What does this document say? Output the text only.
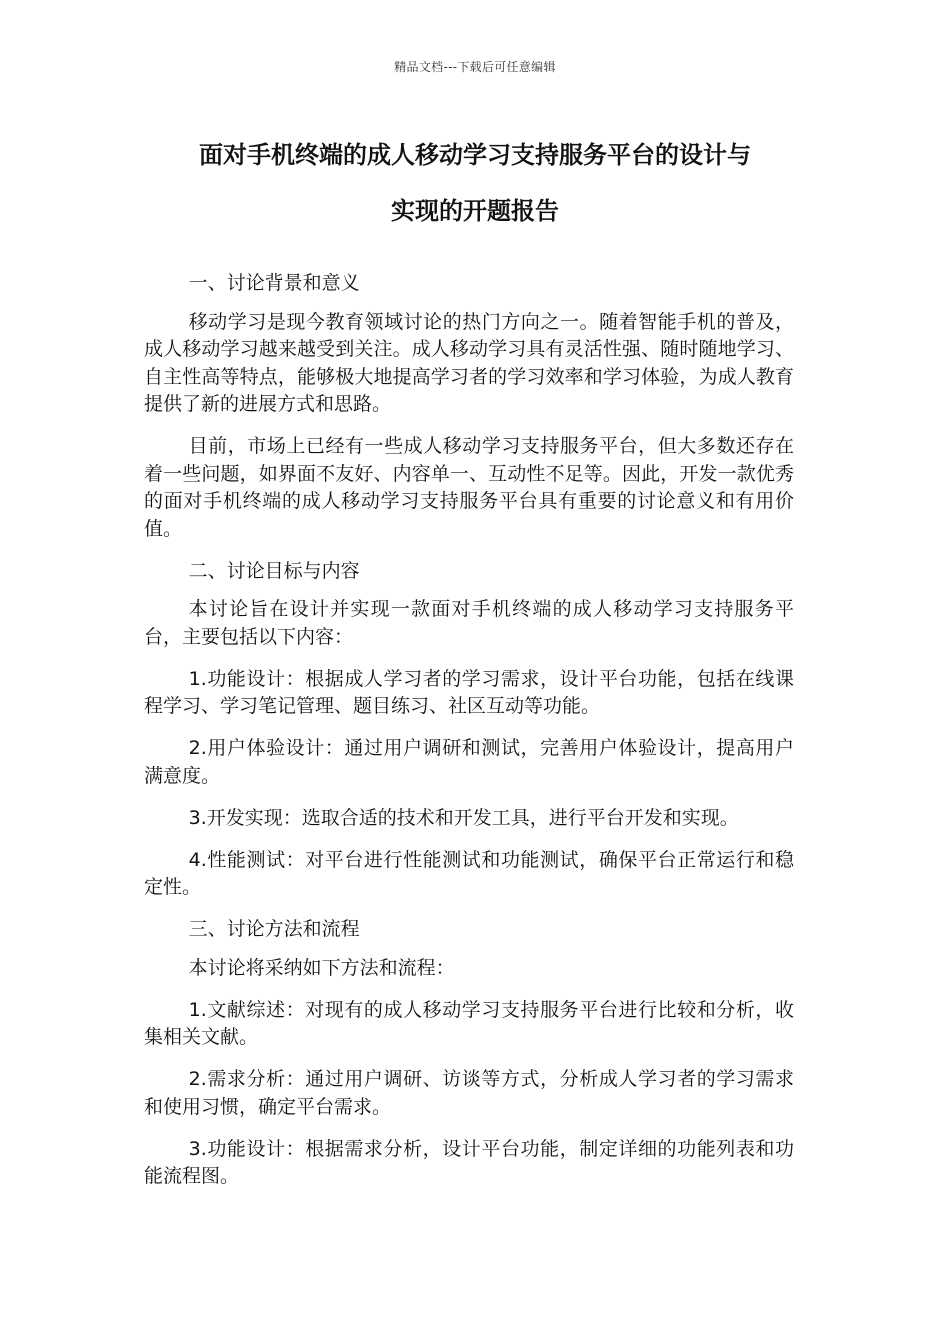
精品文档---下载后可任意编辑
面对手机终端的成人移动学习支持服务平台的设计与
实现的开题报告

一、讨论背景和意义

移动学习是现今教育领域讨论的热门方向之一。随着智能手机的普及，成人移动学习越来越受到关注。成人移动学习具有灵活性强、随时随地学习、自主性高等特点，能够极大地提高学习者的学习效率和学习体验，为成人教育提供了新的进展方式和思路。

目前，市场上已经有一些成人移动学习支持服务平台，但大多数还存在着一些问题，如界面不友好、内容单一、互动性不足等。因此，开发一款优秀的面对手机终端的成人移动学习支持服务平台具有重要的讨论意义和有用价值。

二、讨论目标与内容

本讨论旨在设计并实现一款面对手机终端的成人移动学习支持服务平台，主要包括以下内容：

1.功能设计：根据成人学习者的学习需求，设计平台功能，包括在线课程学习、学习笔记管理、题目练习、社区互动等功能。

2.用户体验设计：通过用户调研和测试，完善用户体验设计，提高用户满意度。

3.开发实现：选取合适的技术和开发工具，进行平台开发和实现。

4.性能测试：对平台进行性能测试和功能测试，确保平台正常运行和稳定性。

三、讨论方法和流程

本讨论将采纳如下方法和流程：

1.文献综述：对现有的成人移动学习支持服务平台进行比较和分析，收集相关文献。

2.需求分析：通过用户调研、访谈等方式，分析成人学习者的学习需求和使用习惯，确定平台需求。

3.功能设计：根据需求分析，设计平台功能，制定详细的功能列表和功能流程图。
